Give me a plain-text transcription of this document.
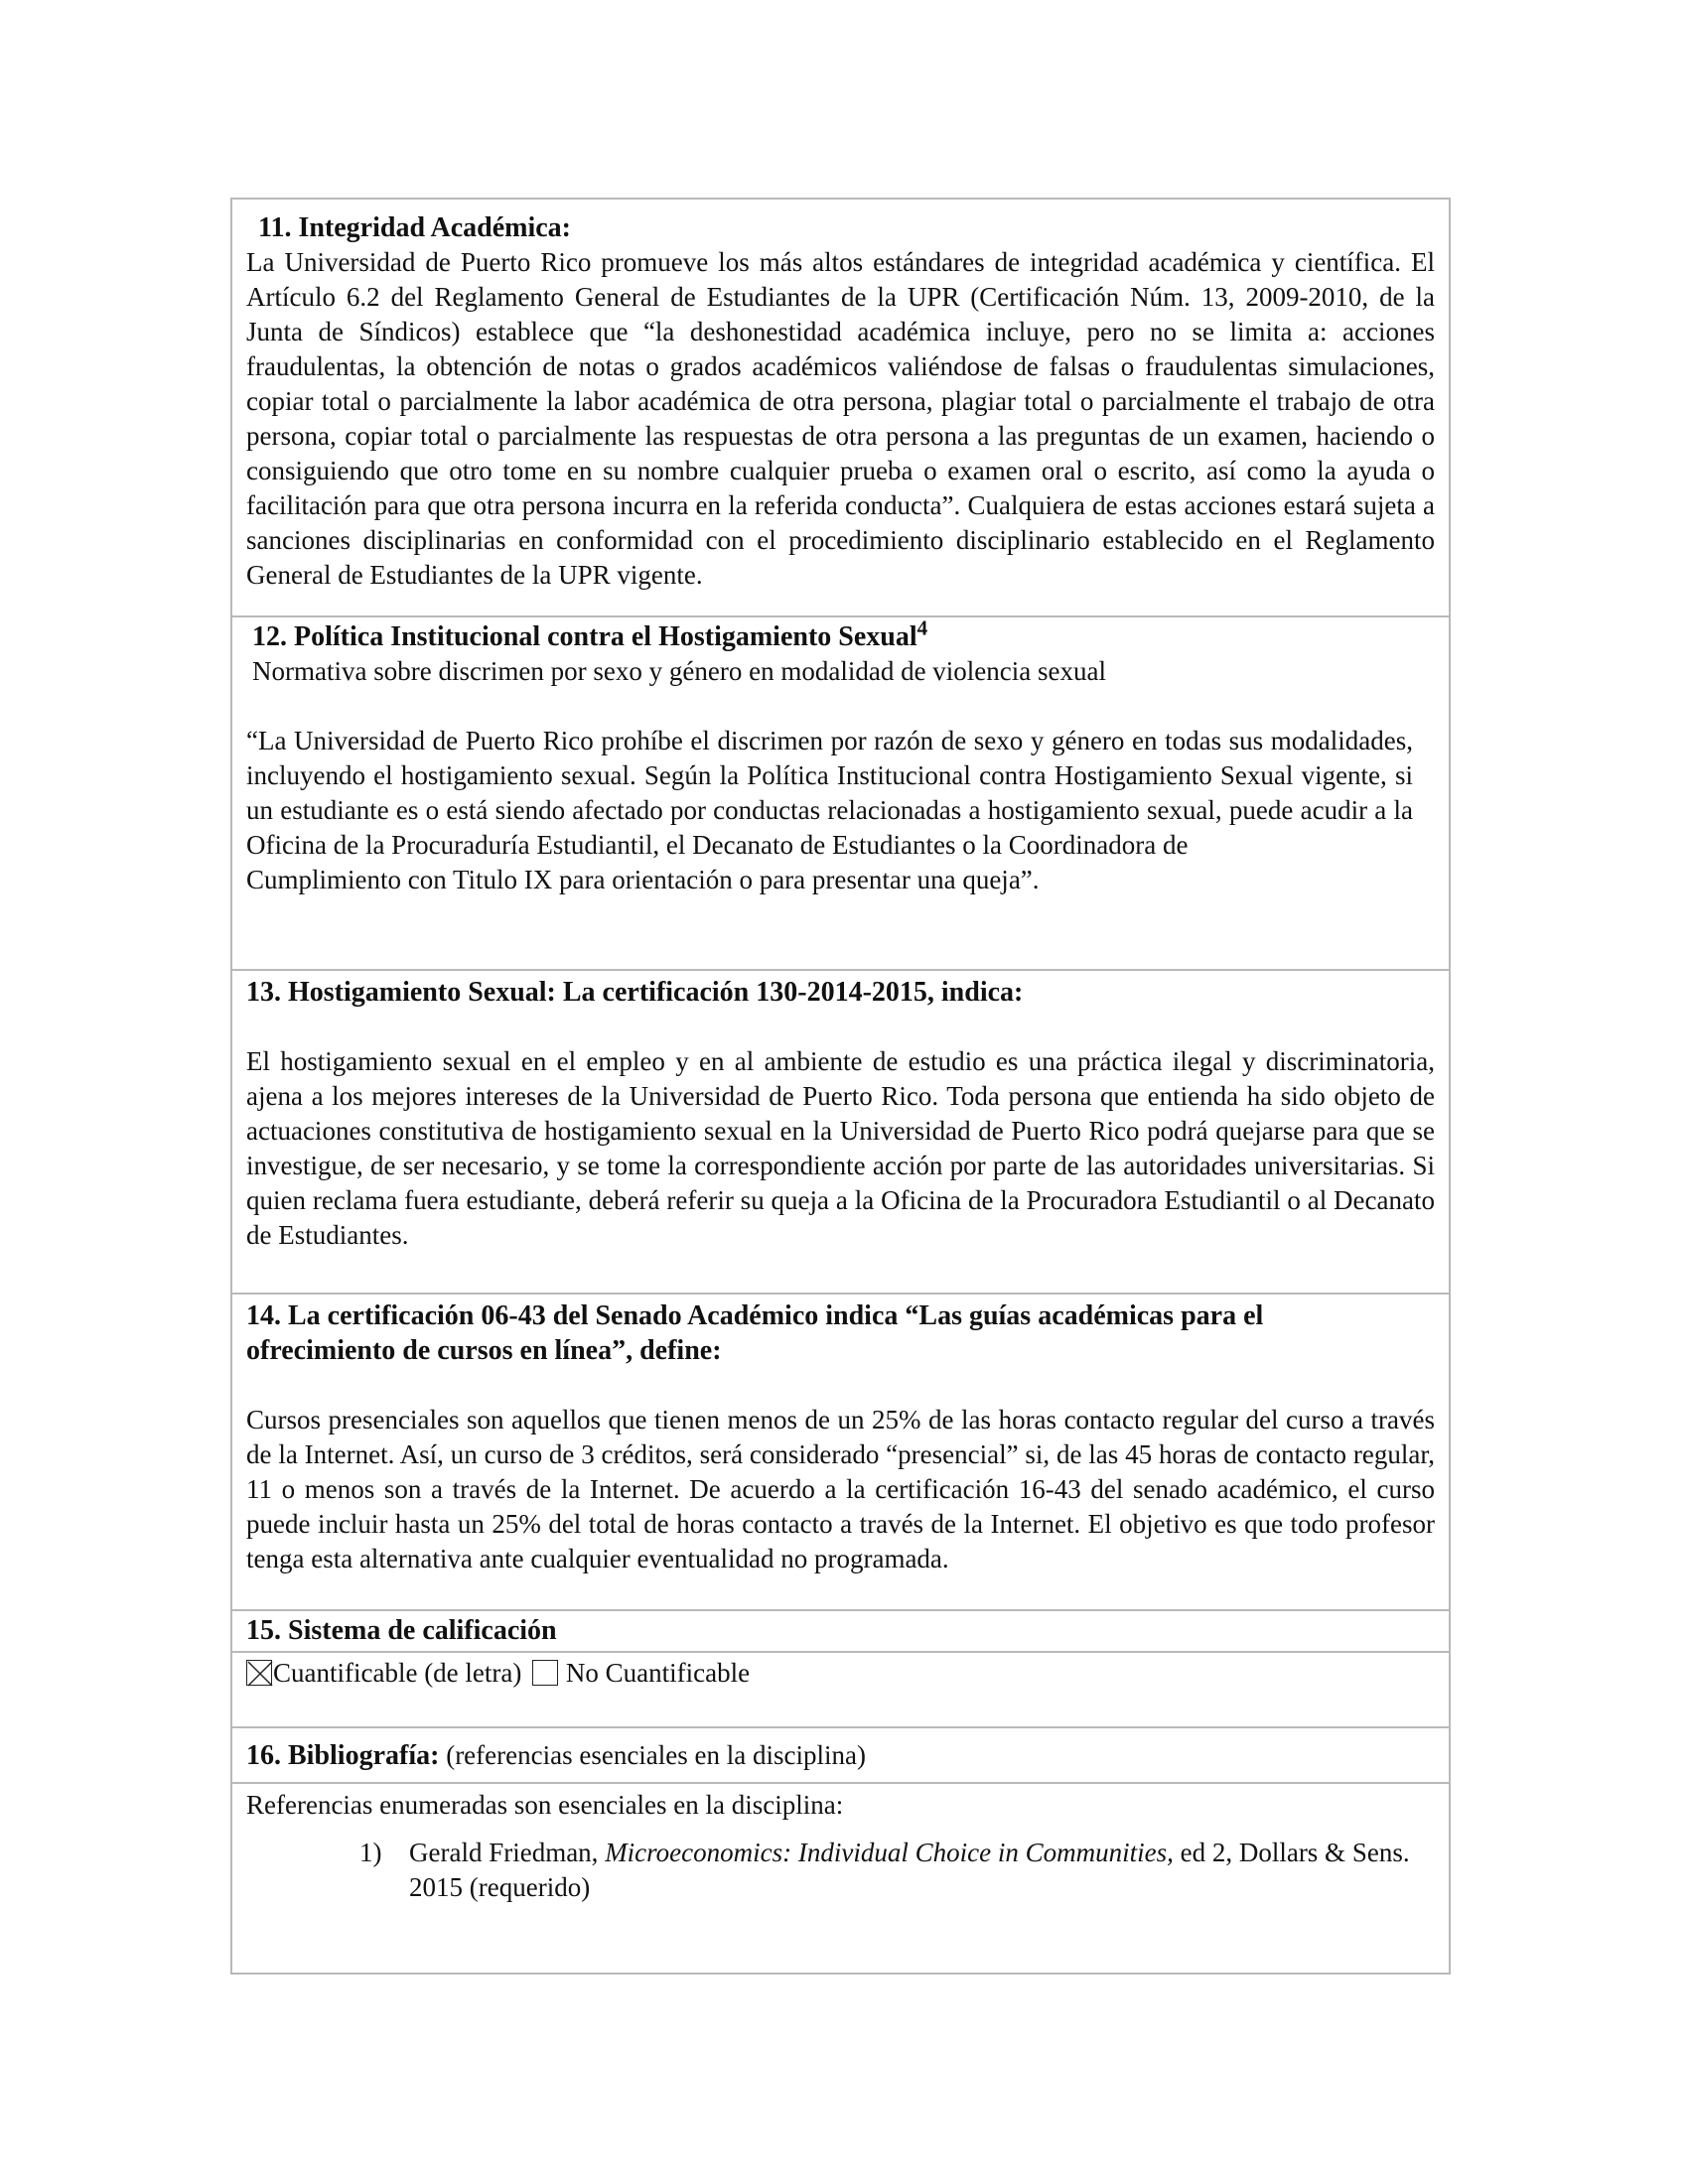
11. Integridad Académica:

La Universidad de Puerto Rico promueve los más altos estándares de integridad académica y científica. El Artículo 6.2 del Reglamento General de Estudiantes de la UPR (Certificación Núm. 13, 2009-2010, de la Junta de Síndicos) establece que “la deshonestidad académica incluye, pero no se limita a: acciones fraudulentas, la obtención de notas o grados académicos valiéndose de falsas o fraudulentas simulaciones, copiar total o parcialmente la labor académica de otra persona, plagiar total o parcialmente el trabajo de otra persona, copiar total o parcialmente las respuestas de otra persona a las preguntas de un examen, haciendo o consiguiendo que otro tome en su nombre cualquier prueba o examen oral o escrito, así como la ayuda o facilitación para que otra persona incurra en la referida conducta”. Cualquiera de estas acciones estará sujeta a sanciones disciplinarias en conformidad con el procedimiento disciplinario establecido en el Reglamento General de Estudiantes de la UPR vigente.

12. Política Institucional contra el Hostigamiento Sexual$^4$

Normativa sobre discrimen por sexo y género en modalidad de violencia sexual

“La Universidad de Puerto Rico prohíbe el discrimen por razón de sexo y género en todas sus modalidades, incluyendo el hostigamiento sexual. Según la Política Institucional contra Hostigamiento Sexual vigente, si un estudiante es o está siendo afectado por conductas relacionadas a hostigamiento sexual, puede acudir a la Oficina de la Procuraduría Estudiantil, el Decanato de Estudiantes o la Coordinadora de

Cumplimiento con Titulo IX para orientación o para presentar una queja”.

13. Hostigamiento Sexual: La certificación 130-2014-2015, indica:

El hostigamiento sexual en el empleo y en al ambiente de estudio es una práctica ilegal y discriminatoria, ajena a los mejores intereses de la Universidad de Puerto Rico. Toda persona que entienda ha sido objeto de actuaciones constitutiva de hostigamiento sexual en la Universidad de Puerto Rico podrá quejarse para que se investigue, de ser necesario, y se tome la correspondiente acción por parte de las autoridades universitarias. Si quien reclama fuera estudiante, deberá referir su queja a la Oficina de la Procuradora Estudiantil o al Decanato de Estudiantes.

14. La certificación 06-43 del Senado Académico indica “Las guías académicas para el ofrecimiento de cursos en línea”, define:

Cursos presenciales son aquellos que tienen menos de un 25% de las horas contacto regular del curso a través de la Internet. Así, un curso de 3 créditos, será considerado “presencial” si, de las 45 horas de contacto regular, 11 o menos son a través de la Internet. De acuerdo a la certificación 16-43 del senado académico, el curso puede incluir hasta un 25% del total de horas contacto a través de la Internet. El objetivo es que todo profesor tenga esta alternativa ante cualquier eventualidad no programada.

15. Sistema de calificación

Cuantificable (de letra) No Cuantificable

16. Bibliografía: (referencias esenciales en la disciplina)

Referencias enumeradas son esenciales en la disciplina:

1)	Gerald Friedman, Microeconomics: Individual Choice in Communities, ed 2, Dollars & Sens. 2015 (requerido)
